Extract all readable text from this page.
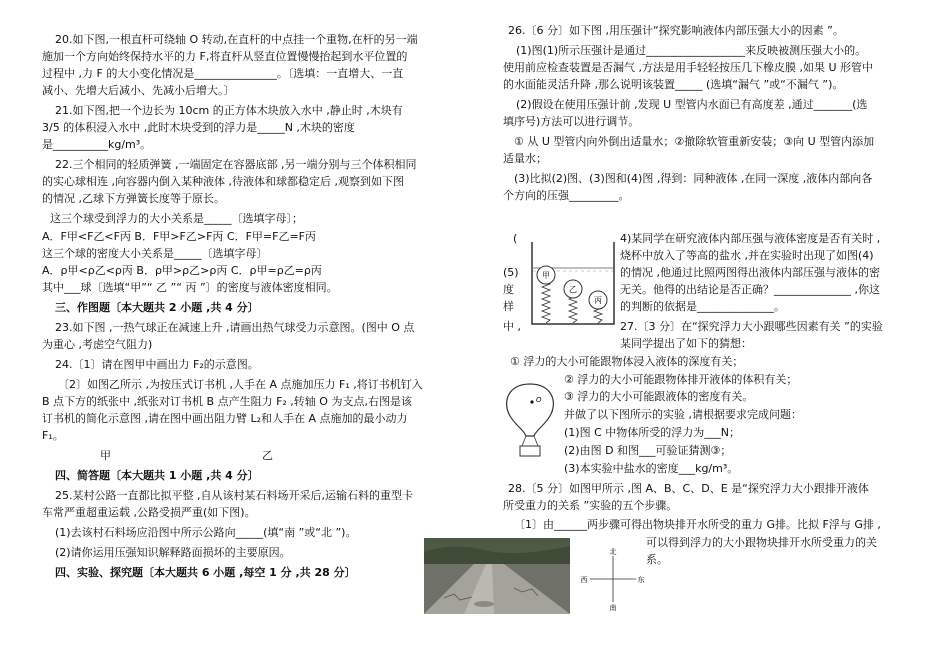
20.如下图,一根直杆可绕轴 O 转动,在直杆的中点挂一个重物,在杆的另一端
施加一个方向始终保持水平的力 F,将直杆从竖直位置慢慢抬起到水平位置的
过程中 ,力 F 的大小变化情况是_______________。〔选填：一直增大、一直
减小、先增大后减小、先减小后增大。〕
21.如下图,把一个边长为 10cm 的正方体木块放入水中 ,静止时 ,木块有
3/5 的体积浸入水中 ,此时木块受到的浮力是_____N ,木块的密度
是__________kg/m³。
22.三个相同的轻质弹簧 ,一端固定在容器底部 ,另一端分别与三个体积相同
的实心球相连 ,向容器内倒入某种液体 ,待液体和球都稳定后 ,观察到如下图
的情况 ,乙球下方弹簧长度等于原长。
这三个球受到浮力的大小关系是_____〔选填字母〕；
A．F甲<F乙<F丙 B．F甲>F乙>F丙 C．F甲=F乙=F丙
这三个球的密度大小关系是_____〔选填字母〕
A．ρ甲<ρ乙<ρ丙 B．ρ甲>ρ乙>ρ丙 C．ρ甲=ρ乙=ρ丙
其中___球〔选填“甲”“ 乙 ”“ 丙 ”〕的密度与液体密度相同。
三、作图题〔本大题共 2 小题 ,共 4 分〕
23.如下图 ,一热气球正在减速上升 ,请画出热气球受力示意图。(图中 O 点
为重心 ,考虑空气阻力)
24.〔1〕请在图甲中画出力 F₂的示意图。
〔2〕如图乙所示 ,为按压式订书机 ,人手在 A 点施加压力 F₁ ,将订书机钉入
B 点下方的纸张中 ,纸张对订书机 B 点产生阻力 F₂ ,转轴 O 为支点,右图是该
订书机的简化示意图 ,请在图中画出阻力臂 L₂和人手在 A 点施加的最小动力
F₁。
甲	乙
四、简答题〔本大题共 1 小题 ,共 4 分〕
25.某村公路一直都比拟平整 ,自从该村某石料场开采后,运输石料的重型卡
车常严重超重运载 ,公路受损严重(如下图)。
(1)去该村石料场应沿图中所示公路向_____(填“南 ”或“北 ”)。
(2)请你运用压强知识解释路面损坏的主要原因。
四、实验、探究题〔本大题共 6 小题 ,每空 1 分 ,共 28 分〕
26.〔6 分〕如下图 ,用压强计“探究影响液体内部压强大小的因素 ”。
(1)图(1)所示压强计是通过__________________来反映被测压强大小的。
使用前应检查装置是否漏气 ,方法是用手轻轻按压几下橡皮膜 ,如果 U 形管中
的水面能灵活升降 ,那么说明该装置_____ (选填“漏气 ”或“不漏气 ”)。
(2)假设在使用压强计前 ,发现 U 型管内水面已有高度差 ,通过_______(选
填序号)方法可以进行调节。
① 从 U 型管内向外倒出适量水；②撤除软管重新安装；③向 U 型管内添加
适量水；
(3)比拟(2)图、(3)图和(4)图 ,得到：同种液体 ,在同一深度 ,液体内部向各
个方向的压强_________。
(
(5)
度
样
中 ,
4)某同学在研究液体内部压强与液体密度是否有关时 ,
烧杯中放入了等高的盐水 ,并在实验时出现了如图(4)
的情况 ,他通过比照两图得出液体内部压强与液体的密
无关。他得的出结论是否正确？______________ ,你这
的判断的依据是______________。
27.〔3 分〕在“探究浮力大小跟哪些因素有关 ”的实验
某同学提出了如下的猜想：
① 浮力的大小可能跟物体浸入液体的深度有关；
② 浮力的大小可能跟物体排开液体的体积有关；
③ 浮力的大小可能跟液体的密度有关。
并做了以下图所示的实验 ,请根据要求完成问题：
(1)图 C 中物体所受的浮力为___N；
(2)由图 D 和图___可验证猜测③；
(3)本实验中盐水的密度___kg/m³。
28.〔5 分〕如图甲所示 ,图 A、B、C、D、E 是“探究浮力大小跟排开液体
所受重力的关系 ”实验的五个步骤。
〔1〕由______两步骤可得出物块排开水所受的重力 G排。比拟 F浮与 G排 ,
可以得到浮力的大小跟物块排开水所受重力的关
系。
甲
乙
丙
O
北
南
东
西
